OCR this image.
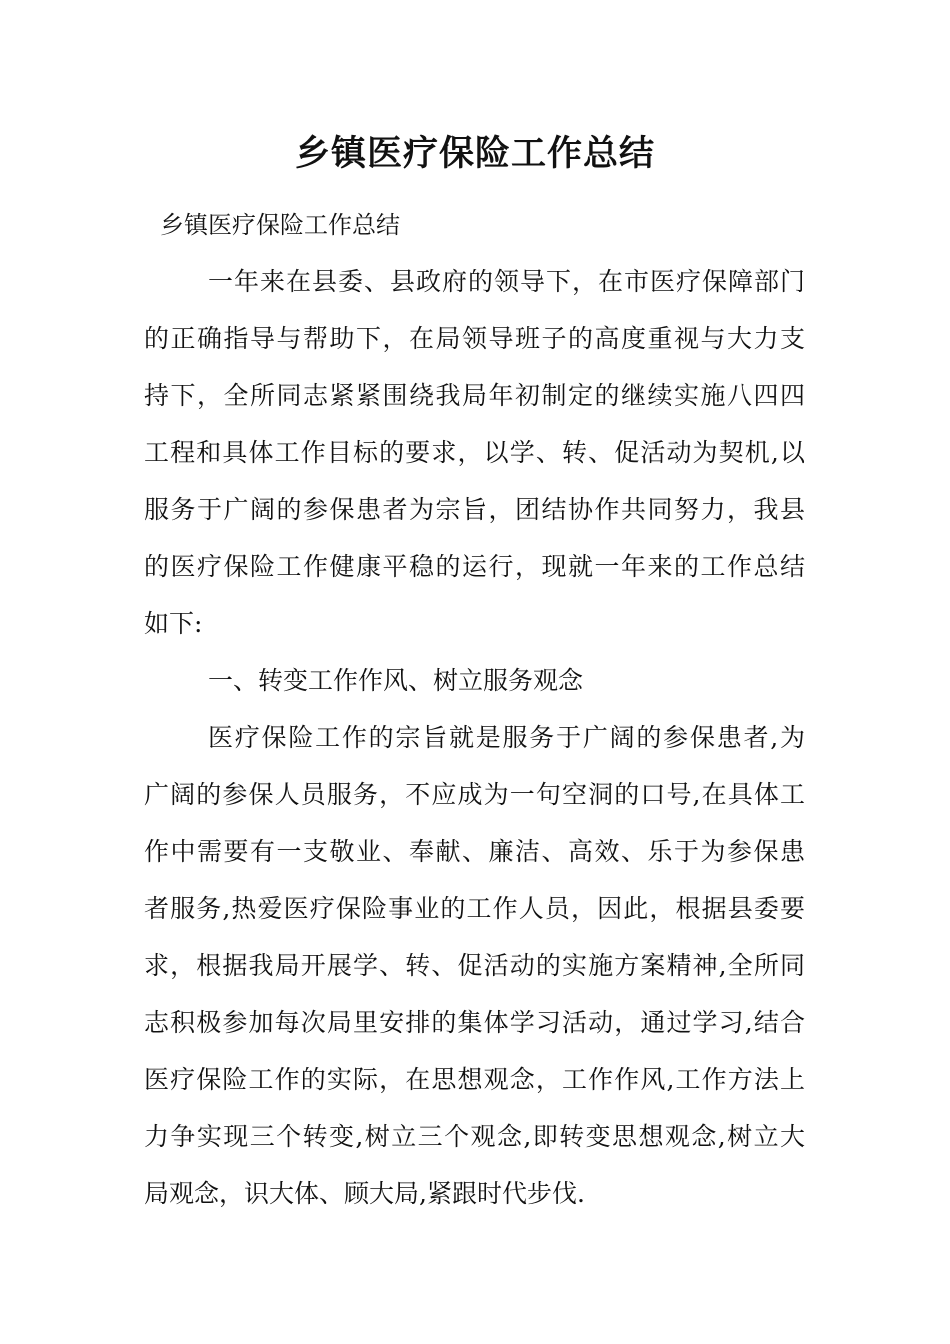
乡镇医疗保险工作总结

乡镇医疗保险工作总结

一年来在县委、县政府的领导下，在市医疗保障部门

的正确指导与帮助下，在局领导班子的高度重视与大力支

持下，全所同志紧紧围绕我局年初制定的继续实施八四四

工程和具体工作目标的要求，以学、转、促活动为契机,以

服务于广阔的参保患者为宗旨，团结协作共同努力，我县

的医疗保险工作健康平稳的运行，现就一年来的工作总结

如下:

一、转变工作作风、树立服务观念

医疗保险工作的宗旨就是服务于广阔的参保患者,为

广阔的参保人员服务，不应成为一句空洞的口号,在具体工

作中需要有一支敬业、奉献、廉洁、高效、乐于为参保患

者服务,热爱医疗保险事业的工作人员，因此，根据县委要

求，根据我局开展学、转、促活动的实施方案精神,全所同

志积极参加每次局里安排的集体学习活动，通过学习,结合

医疗保险工作的实际，在思想观念，工作作风,工作方法上

力争实现三个转变,树立三个观念,即转变思想观念,树立大

局观念，识大体、顾大局,紧跟时代步伐.
